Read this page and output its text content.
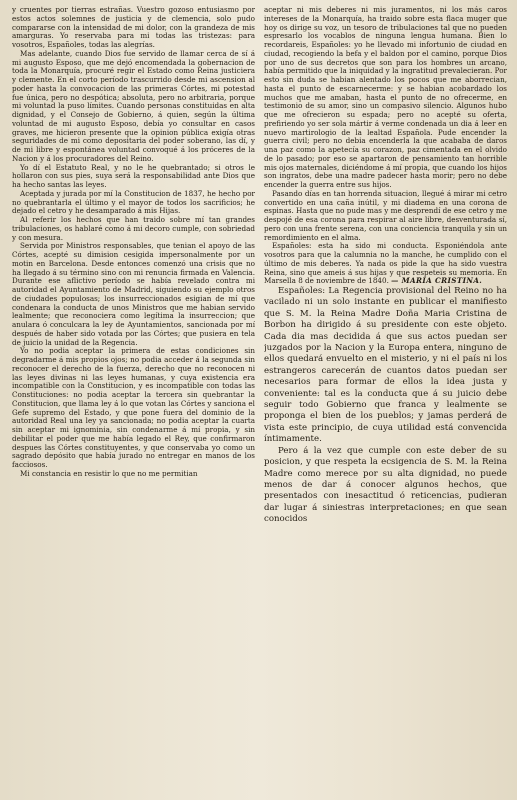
y cruentes por tierras estrañas. Vuestro gozoso entusiasmo por estos actos solemnes de justicia y de clemencia, solo pudo compararse con la intensidad de mi dolor, con la grandeza de mis amarguras. Yo reservaba para mi todas las tristezas: para vosotros, Españoles, todas las alegrías.

Mas adelante, cuando Dios fue servido de llamar cerca de sí á mi augusto Esposo, que me dejó encomendada la gobernacion de toda la Monarquía, procuré regir el Estado como Reina justiciera y clemente. En el corto período trascurrido desde mi ascension al poder hasta la convocacion de las primeras Córtes, mi potestad fue única, pero no despótica; absoluta, pero no arbitraria, porque mi voluntad la puso límites. Cuando personas constituidas en alta dignidad, y el Consejo de Gobierno, á quien, según la última voluntad de mi augusto Esposo, debía yo consultar en casos graves, me hicieron presente que la opinion pública exigía otras seguridades de mi como depositaria del poder soberano, las dí, y de mi libre y espontánea voluntad convoqué á los próceres de la Nacion y á los procuradores del Reino.

Yo dí el Estatuto Real, y no le he quebrantado; si otros le hollaron con sus pies, suya será la responsabilidad ante Dios que ha hecho santas las leyes.

Aceptada y jurada por mí la Constitucion de 1837, he hecho por no quebrantarla el último y el mayor de todos los sacrificios; he dejado el cetro y he desamparado á mis Hijas.

Al referir los hechos que han traido sobre mí tan grandes tribulaciones, os hablaré como á mi decoro cumple, con sobriedad y con mesura.

Servida por Ministros responsables, que tenian el apoyo de las Córtes, acepté su dimision cesigida impersonalmente por un motin en Barcelona. Desde entonces comenzó una crisis que no ha llegado á su término sino con mi renuncia firmada en Valencia. Durante ese aflictivo período se había revelado contra mi autoridad el Ayuntamiento de Madrid, siguiendo su ejemplo otros de ciudades populosas; los insurreccionados esigian de mí que condenara la conducta de unos Ministros que me habian servido lealmente; que reconociera como legítima la insurreccion; que anulara ó conculcara la ley de Ayuntamientos, sancionada por mí después de haber sido votada por las Córtes; que pusiera en tela de juicio la unidad de la Regencia.

Yo no podia aceptar la primera de estas condiciones sin degradarme á mis propios ojos; no podia acceder á la segunda sin reconocer el derecho de la fuerza, derecho que no reconocen ni las leyes divinas ni las leyes humanas, y cuya existencia era incompatible con la Constitucion, y es incompatible con todas las Constituciones: no podia aceptar la tercera sin quebrantar la Constitucion, que llama ley á lo que votan las Córtes y sanciona el Gefe supremo del Estado, y que pone fuera del dominio de la autoridad Real una ley ya sancionada; no podia aceptar la cuarta sin aceptar mi ignominia, sin condenarme á mí propia, y sin debilitar el poder que me había legado el Rey, que confirmaron despues las Córtes constituyentes, y que conservaba yo como un sagrado depósito que había jurado no entregar en manos de los facciosos.

Mi constancia en resistir lo que no me permitian

aceptar ni mis deberes ni mis juramentos, ni los más caros intereses de la Monarquía, ha traido sobre esta flaca muger que hoy os dirige su voz, un tesoro de tribulaciones tal que no pueden espresarlo los vocablos de ninguna lengua humana. Bien lo recordareis, Españoles: yo he llevado mi infortunio de ciudad en ciudad, recogiendo la befa y el baldon por el camino, porque Dios por uno de sus decretos que son para los hombres un arcano, había permitido que la iniquidad y la ingratitud prevalecieran. Por esto sin duda se habian alentado los pocos que me aborrecian, hasta el punto de escarnecerme: y se habian acobardado los muchos que me amaban, hasta el punto de no ofrecerme, en testimonio de su amor, sino un compasivo silencio. Algunos hubo que me ofrecieron su espada; pero no acepté su oferta, prefiriendo yo ser sola mártir á verme condenada un dia á leer en nuevo martirologio de la lealtad Española. Pude encender la guerra civil; pero no debia encenderla la que acababa de daros una paz como la apetecía su corazon, paz cimentada en el olvido de lo pasado; por eso se apartaron de pensamiento tan horrible mis ojos maternales, diciéndome á mí propia, que cuando los hijos son ingratos, debe una madre padecer hasta morir; pero no debe encender la guerra entre sus hijos.

Pasando días en tan horrenda situacion, llegué á mirar mi cetro convertido en una caña inútil, y mi diadema en una corona de espinas. Hasta que no pude mas y me desprendí de ese cetro y me despojé de esa corona para respirar al aire libre, desventurada sí, pero con una frente serena, con una conciencia tranquila y sin un remordimiento en el alma.

Españoles: esta ha sido mi conducta. Esponiéndola ante vosotros para que la calumnia no la manche, he cumplido con el último de mis deberes. Ya nada os pide la que ha sido vuestra Reina, sino que ameis á sus hijas y que respeteis su memoria. En Marsella 8 de noviembre de 1840. — MARIA CRISTINA.

Españoles: La Regencia provisional del Reino no ha vacilado ni un solo instante en publicar el manifiesto que S. M. la Reina Madre Doña Maria Cristina de Borbon ha dirigido á su presidente con este objeto. Cada dia mas decidida á que sus actos puedan ser juzgados por la Nacion y la Europa entera, ninguno de ellos quedará envuelto en el misterio, y ni el país ni los estrangeros carecerán de cuantos datos puedan ser necesarios para formar de ellos la idea justa y conveniente: tal es la conducta que á su juicio debe seguir todo Gobierno que franca y lealmente se proponga el bien de los pueblos; y jamas perderá de vista este principio, de cuya utilidad está convencida íntimamente.

Pero á la vez que cumple con este deber de su posicion, y que respeta la ecsigencia de S. M. la Reina Madre como merece por su alta dignidad, no puede menos de dar á conocer algunos hechos, que presentados con inesactitud ó reticencias, pudieran dar lugar á siniestras interpretaciones; en que sean conocidos
